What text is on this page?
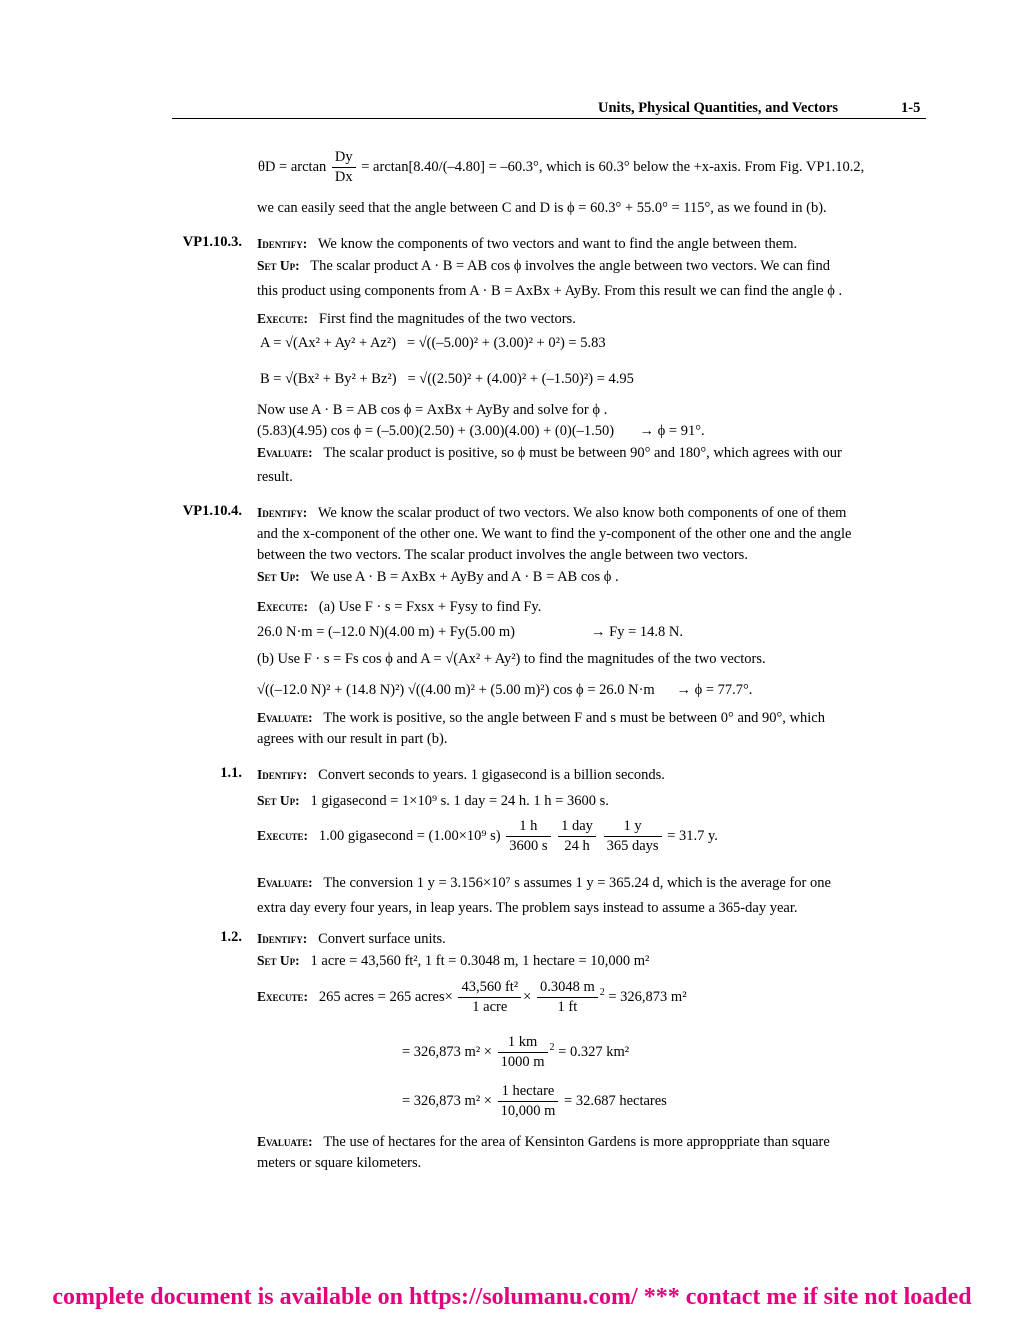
Units, Physical Quantities, and Vectors	1-5
$\theta D = \arctan \frac{Dy}{Dx} = \arctan[8.40/(-4.80] = -60.3^\circ$, which is 60.3° below the +x-axis. From Fig. VP1.10.2,
we can easily seed that the angle between C and D is ϕ = 60.3° + 55.0° = 115°, as we found in (b).
VP1.10.3. Identify: We know the components of two vectors and want to find the angle between them.
Set Up: The scalar product A · B = AB cos ϕ involves the angle between two vectors. We can find
this product using components from A · B = AxBx + AyBy. From this result we can find the angle ϕ .
Execute: First find the magnitudes of the two vectors.
A = √(Ax² + Ay² + Az²) = √((–5.00)² + (3.00)² + 0²) = 5.83
B = √(Bx² + By² + Bz²) = √((2.50)² + (4.00)² + (–1.50)²) = 4.95
Now use A · B = AB cos ϕ = AxBx + AyBy and solve for ϕ .
(5.83)(4.95) cos ϕ = (–5.00)(2.50) + (3.00)(4.00) + (0)(–1.50) → ϕ = 91°.
Evaluate: The scalar product is positive, so ϕ must be between 90° and 180°, which agrees with our
result.
VP1.10.4. Identify: We know the scalar product of two vectors. We also know both components of one of them
and the x-component of the other one. We want to find the y-component of the other one and the angle
between the two vectors. The scalar product involves the angle between two vectors.
Set Up: We use A · B = AxBx + AyBy and A · B = AB cos ϕ .
Execute: (a) Use F · s = Fxsx + Fysy to find Fy.
26.0 N·m = (–12.0 N)(4.00 m) + Fy(5.00 m)	→ Fy = 14.8 N.
(b) Use F · s = Fs cos ϕ and A = √(Ax² + Ay²) to find the magnitudes of the two vectors.
√((–12.0 N)² + (14.8 N)²) √((4.00 m)² + (5.00 m)²) cos ϕ = 26.0 N·m → ϕ = 77.7°.
Evaluate: The work is positive, so the angle between F and s must be between 0° and 90°, which
agrees with our result in part (b).
1.1. Identify: Convert seconds to years. 1 gigasecond is a billion seconds.
Set Up: 1 gigasecond = 1×10⁹ s. 1 day = 24 h. 1 h = 3600 s.
Execute: 1.00 gigasecond = (1.00×10⁹ $s) \frac{1 h}{3600 s}$
$\frac{\text{1 day}}{24 h}$
$\frac{1 y}{\text{365 days}} = 31.7$ y.
Evaluate: The conversion 1 y = 3.156×10⁷ s assumes 1 y = 365.24 d, which is the average for one
extra day every four years, in leap years. The problem says instead to assume a 365-day year.
1.2. Identify: Convert surface units.
Set Up: 1 acre = 43,560 ft², 1 ft = 0.3048 m, 1 hectare = 10,000 m²
Execute: 265 acres = 265 acres× $\frac{\text{43,560 ft²}}{\text{1 acre}} \times \frac{0.3048 m}{1 ft} ^2 = 326,873$ m²
= 326,873 $m^2 \times \frac{1 km}{1000 m} ^2 = 0.327$ km²
= 326,873 $m^2 \times \frac{\text{1 hectare}}{10,000 m} = 32.687$ hectares
Evaluate: The use of hectares for the area of Kensinton Gardens is more approppriate than square
meters or square kilometers.
complete document is available on https://solumanu.com/ *** contact me if site not loaded
